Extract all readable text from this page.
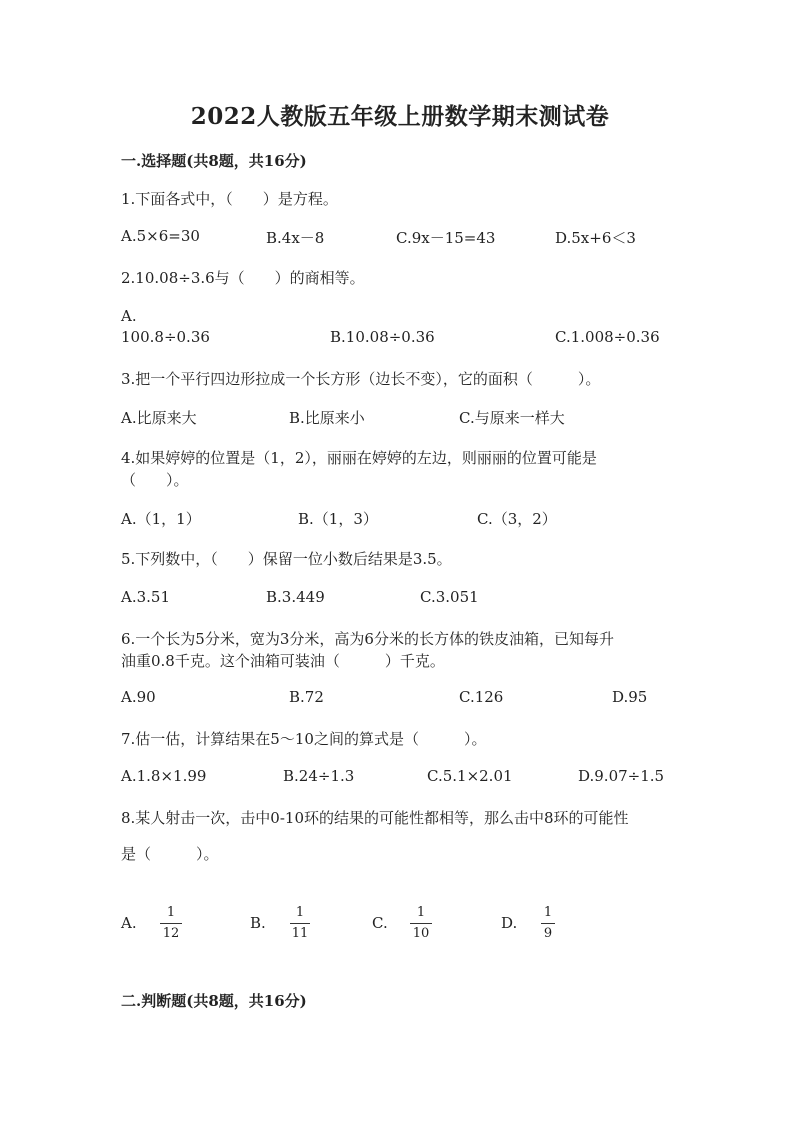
2022人教版五年级上册数学期末测试卷
一.选择题(共8题，共16分)
1.下面各式中，（　　）是方程。
A.5×6=30	B.4x－8	C.9x－15=43	D.5x+6＜3
2.10.08÷3.6与（　　）的商相等。
A.
100.8÷0.36	B.10.08÷0.36	C.1.008÷0.36
3.把一个平行四边形拉成一个长方形（边长不变），它的面积（　　　）。
A.比原来大	B.比原来小	C.与原来一样大
4.如果婷婷的位置是（1，2），丽丽在婷婷的左边，则丽丽的位置可能是
（　　）。
A.（1，1）	B.（1，3）	C.（3，2）
5.下列数中，（　　）保留一位小数后结果是3.5。
A.3.51	B.3.449	C.3.051
6.一个长为5分米，宽为3分米，高为6分米的长方体的铁皮油箱，已知每升
油重0.8千克。这个油箱可装油（　　　）千克。
A.90	B.72	C.126	D.95
7.估一估，计算结果在5～10之间的算式是（　　　）。
A.1.8×1.99	B.24÷1.3	C.5.1×2.01	D.9.07÷1.5
8.某人射击一次，击中0-10环的结果的可能性都相等，那么击中8环的可能性
是（　　　）。
A.
1
12
B.
1
11
C.
1
10
D.
1
9
二.判断题(共8题，共16分)
